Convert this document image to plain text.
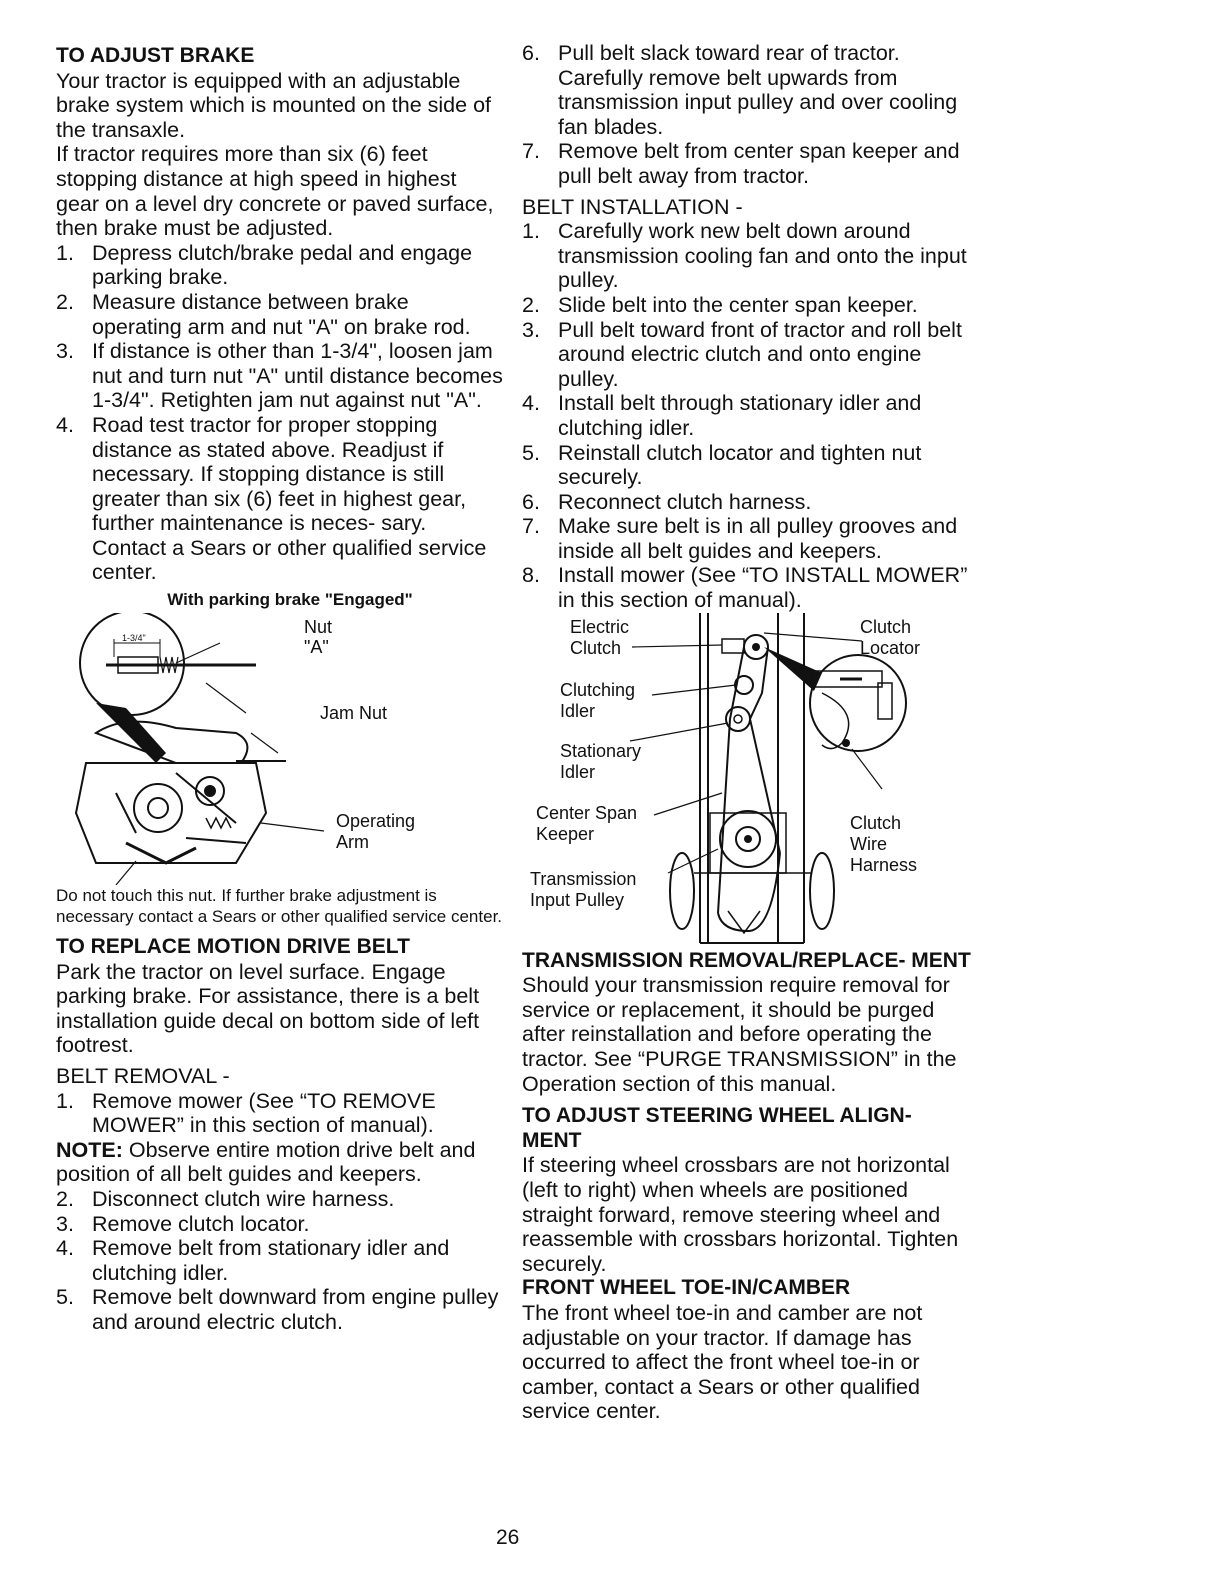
TO ADJUST BRAKE

Your tractor is equipped with an adjustable brake system which is mounted on the side of the transaxle.

If tractor requires more than six (6) feet stopping distance at high speed in highest gear on a level dry concrete or paved surface, then brake must be adjusted.

1. Depress clutch/brake pedal and engage parking brake.
2. Measure distance between brake operating arm and nut "A" on brake rod.
3. If distance is other than 1-3/4", loosen jam nut and turn nut "A" until distance becomes 1-3/4". Retighten jam nut against nut "A".
4. Road test tractor for proper stopping distance as stated above. Readjust if necessary. If stopping distance is still greater than six (6) feet in highest gear, further maintenance is neces- sary. Contact a Sears or other qualified service center.
With parking brake "Engaged"
1-3/4"
Nut
"A"
Jam Nut
Operating
Arm

Do not touch this nut. If further brake adjustment is necessary contact a Sears or other qualified service center.

TO REPLACE MOTION DRIVE BELT

Park the tractor on level surface. Engage parking brake. For assistance, there is a belt installation guide decal on bottom side of left footrest.

BELT REMOVAL -

1. Remove mower (See “TO REMOVE MOWER” in this section of manual).

NOTE: Observe entire motion drive belt and position of all belt guides and keepers.

2. Disconnect clutch wire harness.
3. Remove clutch locator.
4. Remove belt from stationary idler and clutching idler.
5. Remove belt downward from engine pulley and around electric clutch.
6. Pull belt slack toward rear of tractor. Carefully remove belt upwards from transmission input pulley and over cooling fan blades.
7. Remove belt from center span keeper and pull belt away from tractor.

BELT INSTALLATION -

1. Carefully work new belt down around transmission cooling fan and onto the input pulley.
2. Slide belt into the center span keeper.
3. Pull belt toward front of tractor and roll belt around electric clutch and onto engine pulley.
4. Install belt through stationary idler and clutching idler.
5. Reinstall clutch locator and tighten nut securely.
6. Reconnect clutch harness.
7. Make sure belt is in all pulley grooves and inside all belt guides and keepers.
8. Install mower (See “TO INSTALL MOWER” in this section of manual).
Electric
Clutch
Clutch
Locator
Clutching
Idler
Stationary
Idler
Center Span
Keeper
Transmission
Input Pulley
Clutch
Wire
Harness
TRANSMISSION REMOVAL/REPLACE- MENT

Should your transmission require removal for service or replacement, it should be purged after reinstallation and before operating the tractor. See “PURGE TRANSMISSION” in the Operation section of this manual.

TO ADJUST STEERING WHEEL ALIGN- MENT

If steering wheel crossbars are not horizontal (left to right) when wheels are positioned straight forward, remove steering wheel and reassemble with crossbars horizontal. Tighten securely.

FRONT WHEEL TOE-IN/CAMBER

The front wheel toe-in and camber are not adjustable on your tractor. If damage has occurred to affect the front wheel toe-in or camber, contact a Sears or other qualified service center.

26
